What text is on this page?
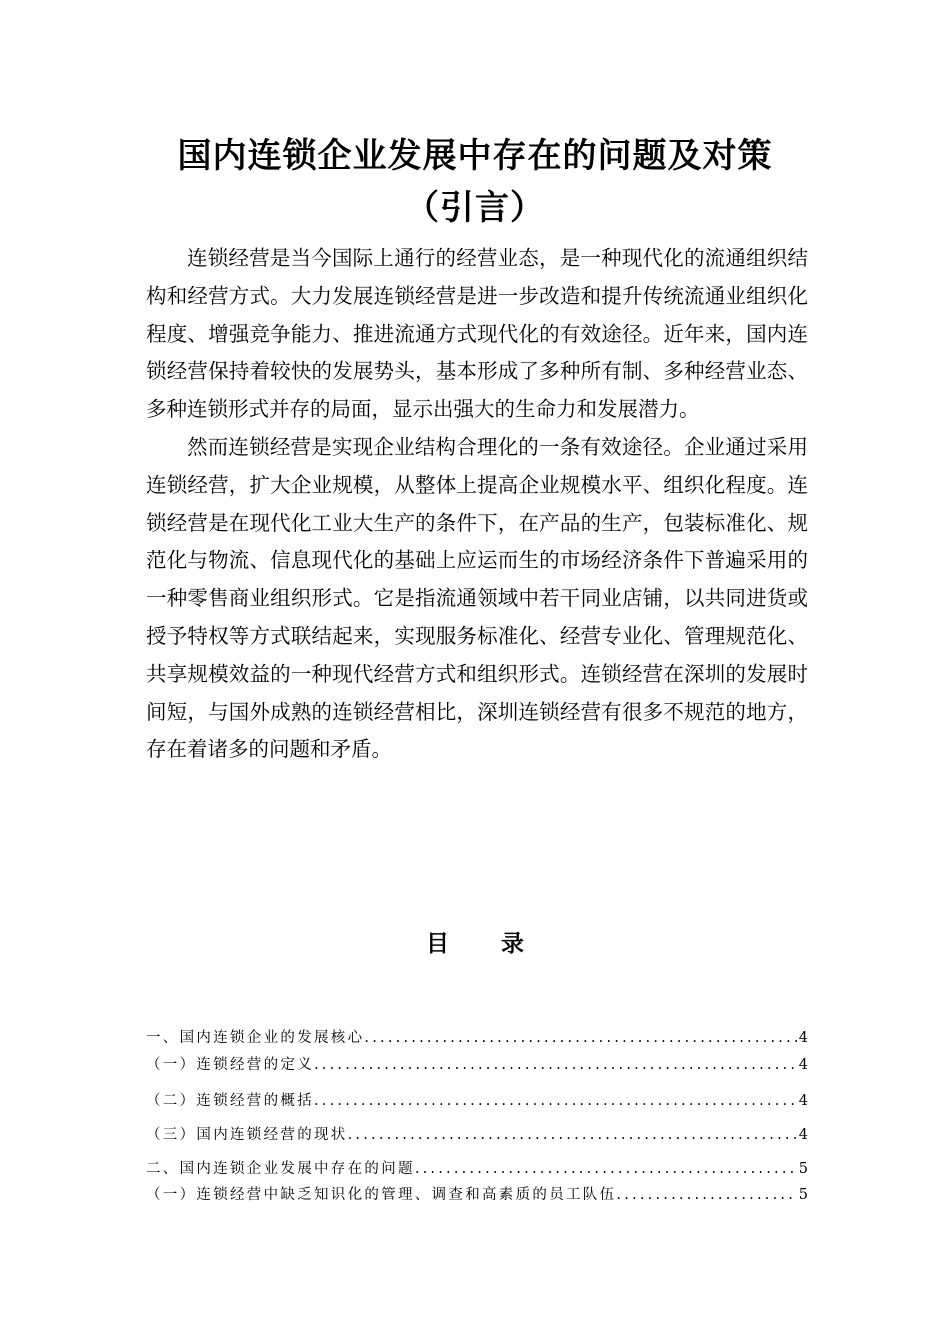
国内连锁企业发展中存在的问题及对策
（引言）

连锁经营是当今国际上通行的经营业态，是一种现代化的流通组织结构和经营方式。大力发展连锁经营是进一步改造和提升传统流通业组织化程度、增强竞争能力、推进流通方式现代化的有效途径。近年来，国内连锁经营保持着较快的发展势头，基本形成了多种所有制、多种经营业态、多种连锁形式并存的局面，显示出强大的生命力和发展潜力。

然而连锁经营是实现企业结构合理化的一条有效途径。企业通过采用连锁经营，扩大企业规模，从整体上提高企业规模水平、组织化程度。连锁经营是在现代化工业大生产的条件下，在产品的生产，包装标准化、规范化与物流、信息现代化的基础上应运而生的市场经济条件下普遍采用的一种零售商业组织形式。它是指流通领域中若干同业店铺，以共同进货或授予特权等方式联结起来，实现服务标准化、经营专业化、管理规范化、共享规模效益的一种现代经营方式和组织形式。连锁经营在深圳的发展时间短，与国外成熟的连锁经营相比，深圳连锁经营有很多不规范的地方，存在着诸多的问题和矛盾。

目 录
一、国内连锁企业的发展核心 .....	4
（一）连锁经营的定义 .....	4
（二）连锁经营的概括 .....	4
（三）国内连锁经营的现状 .....	4
二、国内连锁企业发展中存在的问题 .....	5
（一）连锁经营中缺乏知识化的管理、调查和高素质的员工队伍 .....	5
